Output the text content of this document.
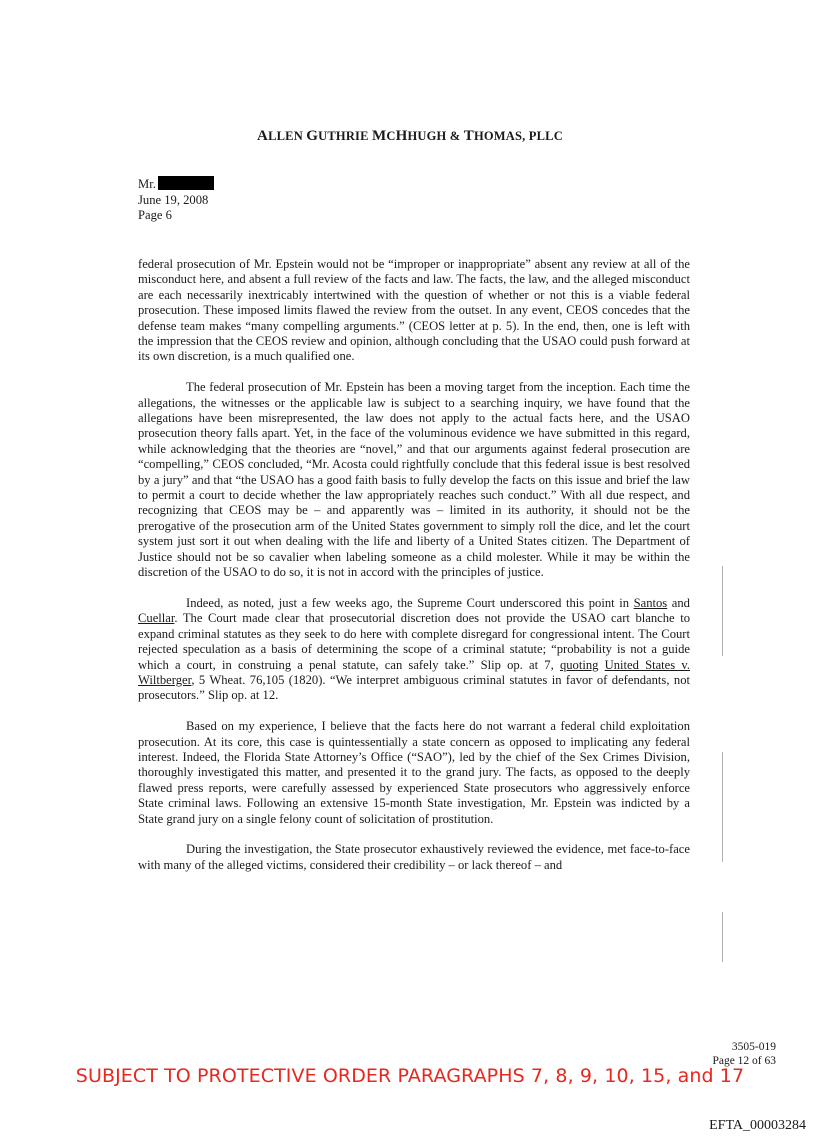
ALLEN GUTHRIE MCHHUGH & THOMAS, PLLC
Mr.
June 19, 2008
Page 6

federal prosecution of Mr. Epstein would not be “improper or inappropriate” absent any review at all of the misconduct here, and absent a full review of the facts and law. The facts, the law, and the alleged misconduct are each necessarily inextricably intertwined with the question of whether or not this is a viable federal prosecution. These imposed limits flawed the review from the outset. In any event, CEOS concedes that the defense team makes “many compelling arguments.” (CEOS letter at p. 5). In the end, then, one is left with the impression that the CEOS review and opinion, although concluding that the USAO could push forward at its own discretion, is a much qualified one.

The federal prosecution of Mr. Epstein has been a moving target from the inception. Each time the allegations, the witnesses or the applicable law is subject to a searching inquiry, we have found that the allegations have been misrepresented, the law does not apply to the actual facts here, and the USAO prosecution theory falls apart. Yet, in the face of the voluminous evidence we have submitted in this regard, while acknowledging that the theories are “novel,” and that our arguments against federal prosecution are “compelling,” CEOS concluded, “Mr. Acosta could rightfully conclude that this federal issue is best resolved by a jury” and that “the USAO has a good faith basis to fully develop the facts on this issue and brief the law to permit a court to decide whether the law appropriately reaches such conduct.” With all due respect, and recognizing that CEOS may be – and apparently was – limited in its authority, it should not be the prerogative of the prosecution arm of the United States government to simply roll the dice, and let the court system just sort it out when dealing with the life and liberty of a United States citizen. The Department of Justice should not be so cavalier when labeling someone as a child molester. While it may be within the discretion of the USAO to do so, it is not in accord with the principles of justice.

Indeed, as noted, just a few weeks ago, the Supreme Court underscored this point in Santos and Cuellar. The Court made clear that prosecutorial discretion does not provide the USAO cart blanche to expand criminal statutes as they seek to do here with complete disregard for congressional intent. The Court rejected speculation as a basis of determining the scope of a criminal statute; “probability is not a guide which a court, in construing a penal statute, can safely take.” Slip op. at 7, quoting United States v. Wiltberger, 5 Wheat. 76,105 (1820). “We interpret ambiguous criminal statutes in favor of defendants, not prosecutors.” Slip op. at 12.

Based on my experience, I believe that the facts here do not warrant a federal child exploitation prosecution. At its core, this case is quintessentially a state concern as opposed to implicating any federal interest. Indeed, the Florida State Attorney’s Office (“SAO”), led by the chief of the Sex Crimes Division, thoroughly investigated this matter, and presented it to the grand jury. The facts, as opposed to the deeply flawed press reports, were carefully assessed by experienced State prosecutors who aggressively enforce State criminal laws. Following an extensive 15-month State investigation, Mr. Epstein was indicted by a State grand jury on a single felony count of solicitation of prostitution.

During the investigation, the State prosecutor exhaustively reviewed the evidence, met face-to-face with many of the alleged victims, considered their credibility – or lack thereof – and

3505-019
Page 12 of 63
SUBJECT TO PROTECTIVE ORDER PARAGRAPHS 7, 8, 9, 10, 15, and 17
EFTA_00003284
